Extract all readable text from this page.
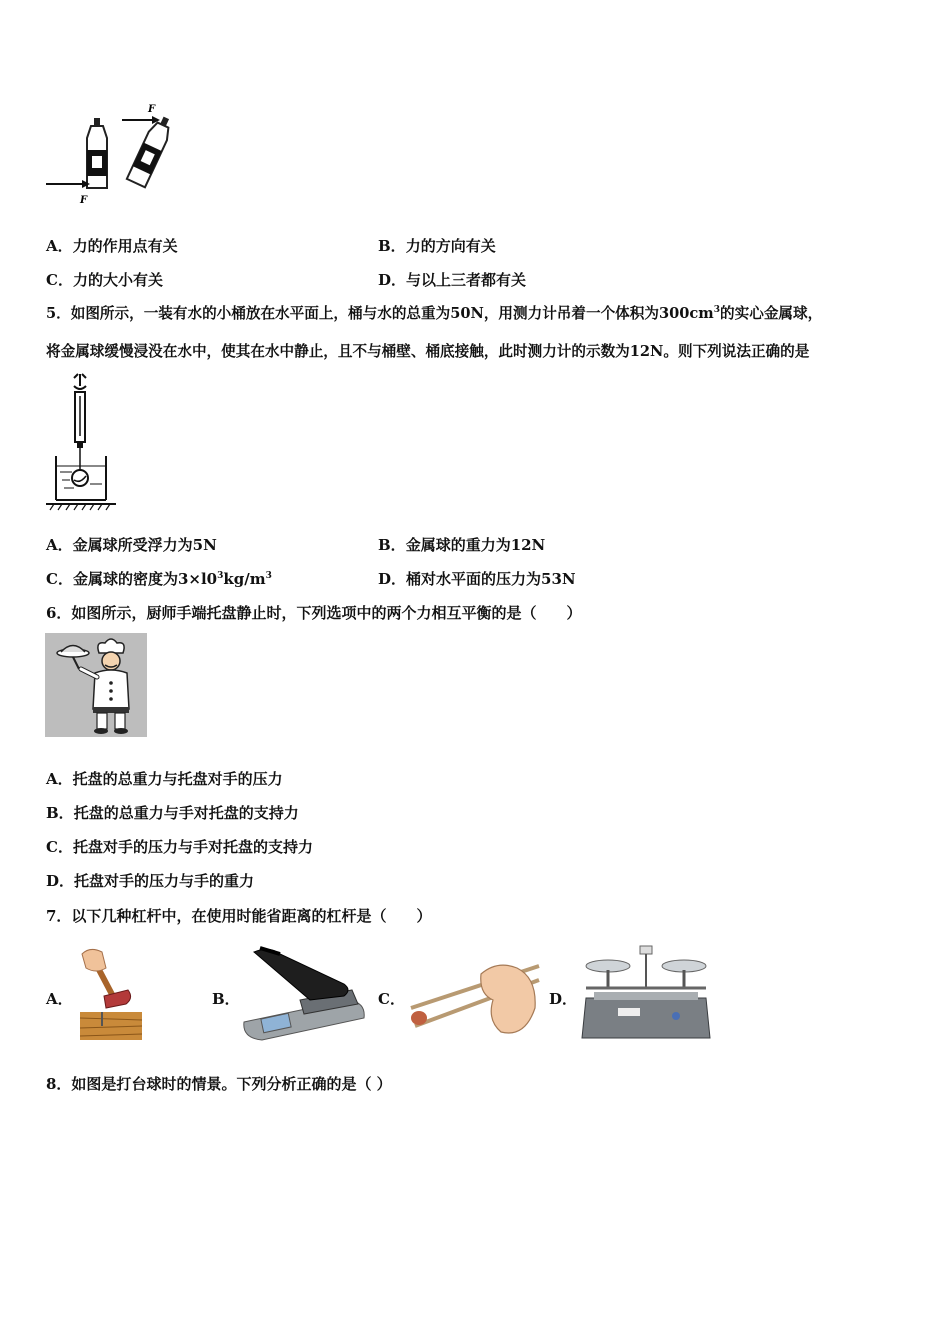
F
F
A．力的作用点有关	B．力的方向有关
C．力的大小有关	D．与以上三者都有关
5．如图所示，一装有水的小桶放在水平面上，桶与水的总重为50N，用测力计吊着一个体积为$300cm^3$的实心金属球，
将金属球缓慢浸没在水中，使其在水中静止，且不与桶壁、桶底接触，此时测力计的示数为12N。则下列说法正确的是
A．金属球所受浮力为5N	B．金属球的重力为12N
C．金属球的密度为$3\times l0^3kg/m^3$	D．桶对水平面的压力为53N
6．如图所示，厨师手端托盘静止时，下列选项中的两个力相互平衡的是（　　）
A．托盘的总重力与托盘对手的压力
B．托盘的总重力与手对托盘的支持力
C．托盘对手的压力与手对托盘的支持力
D．托盘对手的压力与手的重力
7．以下几种杠杆中，在使用时能省距离的杠杆是（　　）
A．	B．	C．	D．
8．如图是打台球时的情景。下列分析正确的是（ ）
